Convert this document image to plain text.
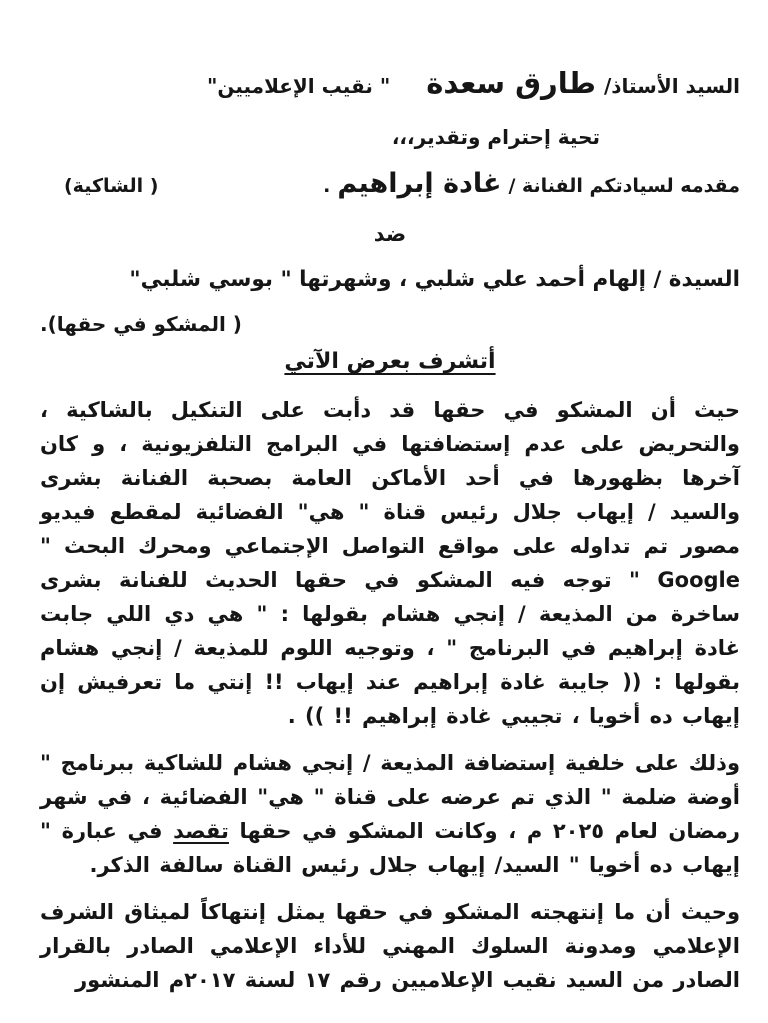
السيد الأستاذ/
طارق سعدة
" نقيب الإعلاميين"
تحية إحترام وتقدير،،،
مقدمه لسيادتكم الفنانة /
غادة إبراهيم
.
( الشاكية)
ضد
السيدة / إلهام أحمد علي شلبي ، وشهرتها " بوسي شلبي"
( المشكو في حقها).
أتشرف بعرض الآتي

حيث أن المشكو في حقها قد دأبت على التنكيل بالشاكية ، والتحريض على عدم إستضافتها في البرامج التلفزيونية ، و كان آخرها بظهورها في أحد الأماكن العامة بصحبة الفنانة بشرى والسيد / إيهاب جلال رئيس قناة " هي" الفضائية لمقطع فيديو مصور تم تداوله على مواقع التواصل الإجتماعي ومحرك البحث " Google " توجه فيه المشكو في حقها الحديث للفنانة بشرى ساخرة من المذيعة / إنجي هشام بقولها : " هي دي اللي جابت غادة إبراهيم في البرنامج " ، وتوجيه اللوم للمذيعة / إنجي هشام بقولها : (( جايبة غادة إبراهيم عند إيهاب !! إنتي ما تعرفيش إن إيهاب ده أخويا ، تجيبي غادة إبراهيم !! )) .

وذلك على خلفية إستضافة المذيعة / إنجي هشام للشاكية ببرنامج " أوضة ضلمة " الذي تم عرضه على قناة " هي" الفضائية ، في شهر رمضان لعام ٢٠٢٥ م ، وكانت المشكو في حقها تقصد في عبارة " إيهاب ده أخويا " السيد/ إيهاب جلال رئيس القناة سالفة الذكر.

وحيث أن ما إنتهجته المشكو في حقها يمثل إنتهاكاً لميثاق الشرف الإعلامي ومدونة السلوك المهني للأداء الإعلامي الصادر بالقرار الصادر من السيد نقيب الإعلاميين رقم ١٧ لسنة ٢٠١٧م المنشور
